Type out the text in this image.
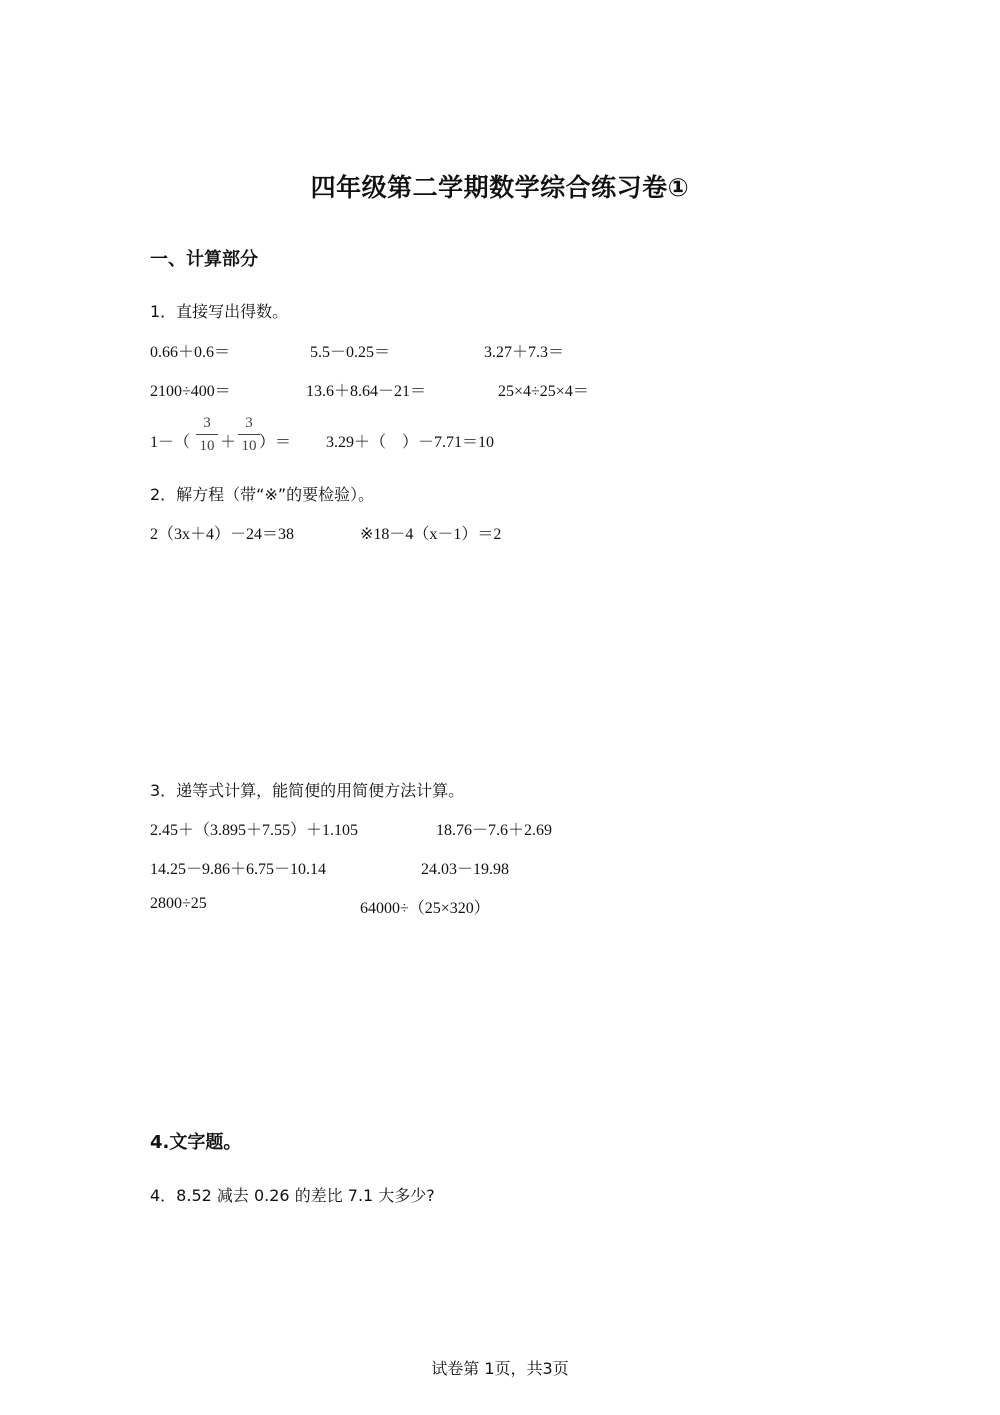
四年级第二学期数学综合练习卷①
一、计算部分
1．直接写出得数。
0.66＋0.6＝	5.5－0.25＝	3.27＋7.3＝
2100÷400＝	13.6＋8.64－21＝	25×4÷25×4＝
1－（
3
10 ＋
3
10 ）＝ 3.29＋（    ）－7.71＝10
2．解方程（带“※”的要检验）。
2（3x＋4）－24＝38	※18－4（x－1）＝2
3．递等式计算，能简便的用简便方法计算。
2.45＋（3.895＋7.55）＋1.105	18.76－7.6＋2.69
14.25－9.86＋6.75－10.14	24.03－19.98
2800÷25	64000÷（25×320）
4.文字题。
4．8.52 减去 0.26 的差比 7.1 大多少?
试卷第 1页，共3页
